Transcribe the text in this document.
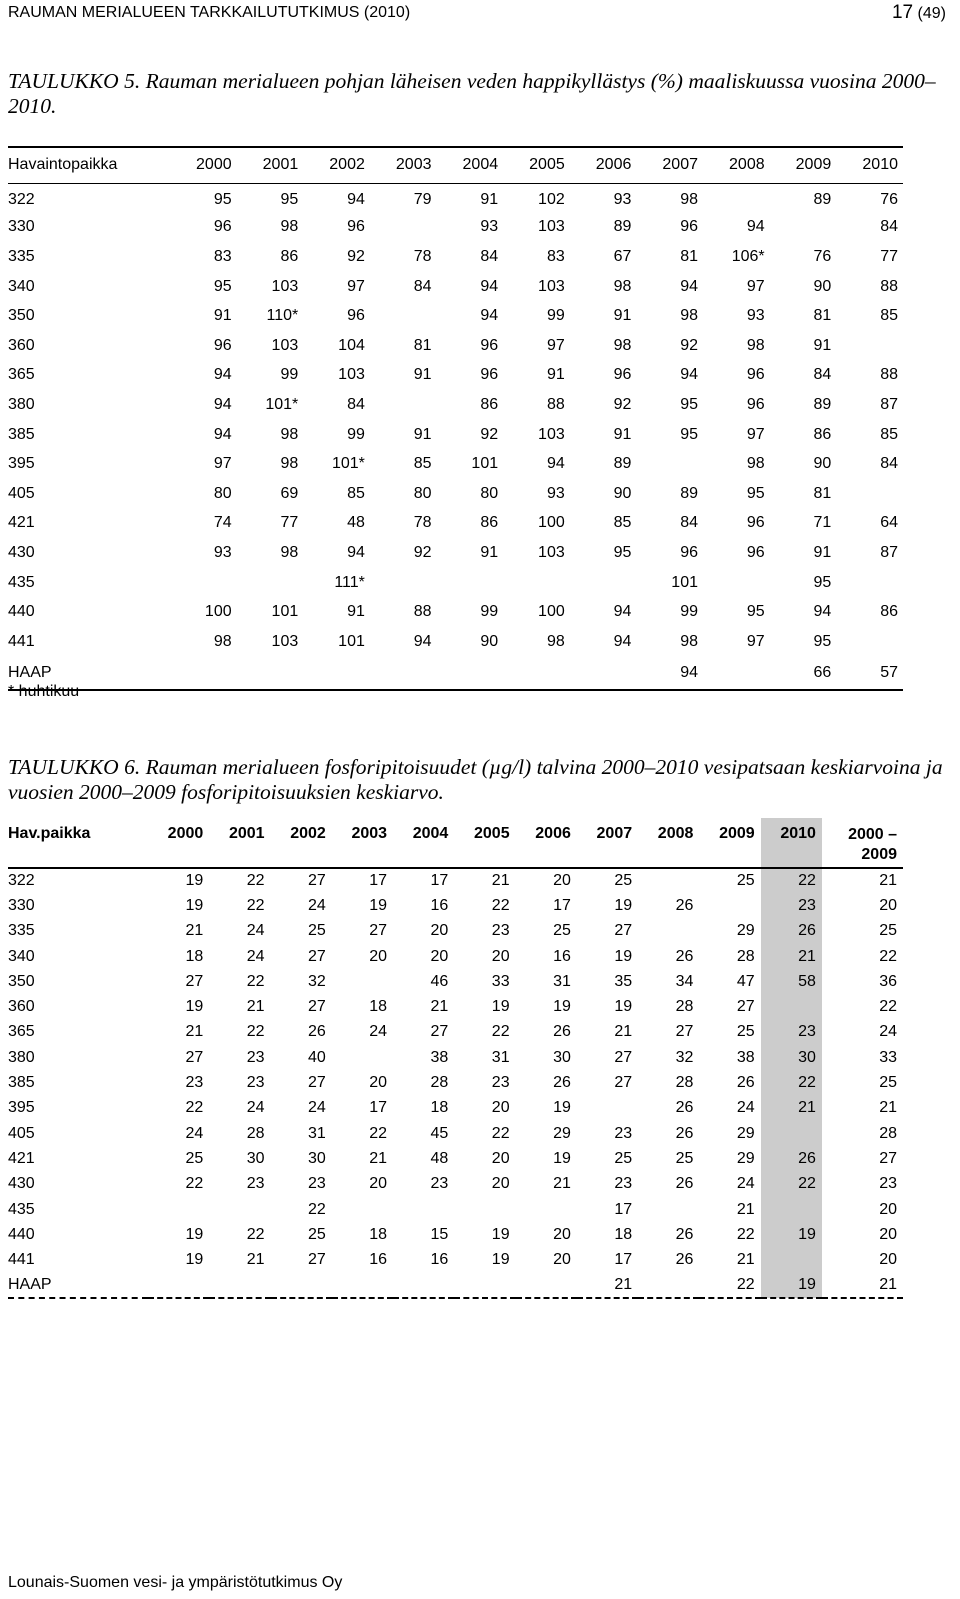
RAUMAN MERIALUEEN TARKKAILUTUTKIMUS (2010)	17 (49)
TAULUKKO 5. Rauman merialueen pohjan läheisen veden happikyllästys (%) maaliskuussa vuosina 2000–2010.
Havaintopaikka	2000	2001	2002	2003	2004	2005	2006	2007	2008	2009	2010
322	95	95	94	79	91	102	93	98		89	76
330	96	98	96		93	103	89	96	94		84
335	83	86	92	78	84	83	67	81	106*	76	77
340	95	103	97	84	94	103	98	94	97	90	88
350	91	110*	96		94	99	91	98	93	81	85
360	96	103	104	81	96	97	98	92	98	91	
365	94	99	103	91	96	91	96	94	96	84	88
380	94	101*	84		86	88	92	95	96	89	87
385	94	98	99	91	92	103	91	95	97	86	85
395	97	98	101*	85	101	94	89		98	90	84
405	80	69	85	80	80	93	90	89	95	81	
421	74	77	48	78	86	100	85	84	96	71	64
430	93	98	94	92	91	103	95	96	96	91	87
435			111*					101		95	
440	100	101	91	88	99	100	94	99	95	94	86
441	98	103	101	94	90	98	94	98	97	95	
HAAP								94		66	57
* huhtikuu
TAULUKKO 6. Rauman merialueen fosforipitoisuudet (µg/l) talvina 2000–2010 vesipatsaan keskiarvoina ja vuosien 2000–2009 fosforipitoisuuksien keskiarvo.
Hav.paikka	2000	2001	2002	2003	2004	2005	2006	2007	2008	2009	2010	2000 –
2009

322	19	22	27	17	17	21	20	25		25	22	21
330	19	22	24	19	16	22	17	19	26		23	20
335	21	24	25	27	20	23	25	27		29	26	25
340	18	24	27	20	20	20	16	19	26	28	21	22
350	27	22	32		46	33	31	35	34	47	58	36
360	19	21	27	18	21	19	19	19	28	27		22
365	21	22	26	24	27	22	26	21	27	25	23	24
380	27	23	40		38	31	30	27	32	38	30	33
385	23	23	27	20	28	23	26	27	28	26	22	25
395	22	24	24	17	18	20	19		26	24	21	21
405	24	28	31	22	45	22	29	23	26	29		28
421	25	30	30	21	48	20	19	25	25	29	26	27
430	22	23	23	20	23	20	21	23	26	24	22	23
435			22					17		21		20
440	19	22	25	18	15	19	20	18	26	22	19	20
441	19	21	27	16	16	19	20	17	26	21		20
HAAP								21		22	19	21
Lounais-Suomen vesi- ja ympäristötutkimus Oy
